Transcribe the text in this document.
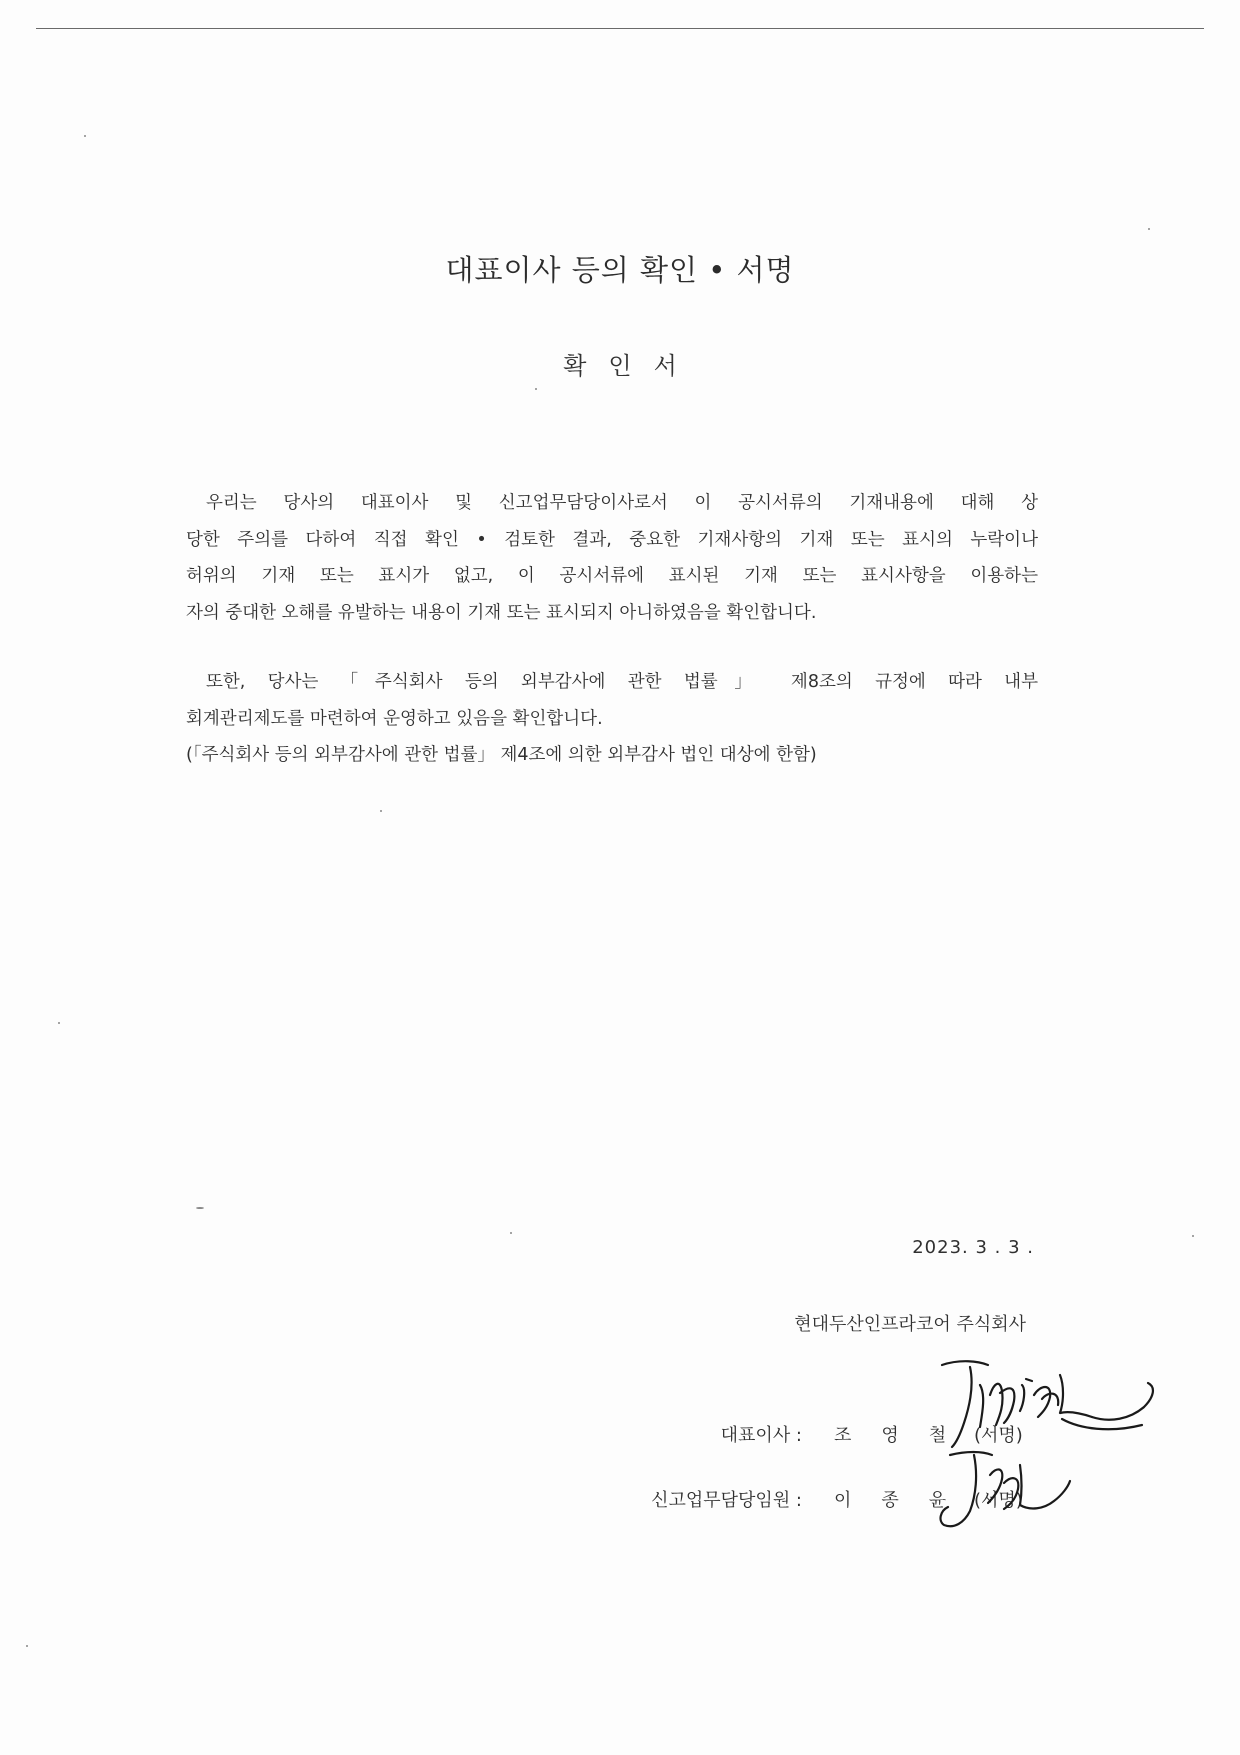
대표이사 등의 확인 • 서명
확인서
우리는 당사의 대표이사 및 신고업무담당이사로서 이 공시서류의 기재내용에 대해 상
당한 주의를 다하여 직접 확인 • 검토한 결과, 중요한 기재사항의 기재 또는 표시의 누락이나
허위의 기재 또는 표시가 없고, 이 공시서류에 표시된 기재 또는 표시사항을 이용하는
자의 중대한 오해를 유발하는 내용이 기재 또는 표시되지 아니하였음을 확인합니다.
또한, 당사는 「주식회사 등의 외부감사에 관한 법률」 제8조의 규정에 따라 내부
회계관리제도를 마련하여 운영하고 있음을 확인합니다.
(「주식회사 등의 외부감사에 관한 법률」 제4조에 의한 외부감사 법인 대상에 한함)
2023. 3 . 3 .
현대두산인프라코어 주식회사
대표이사 : 조영철
(서명)
신고업무담당임원 : 이종윤
(서명)
